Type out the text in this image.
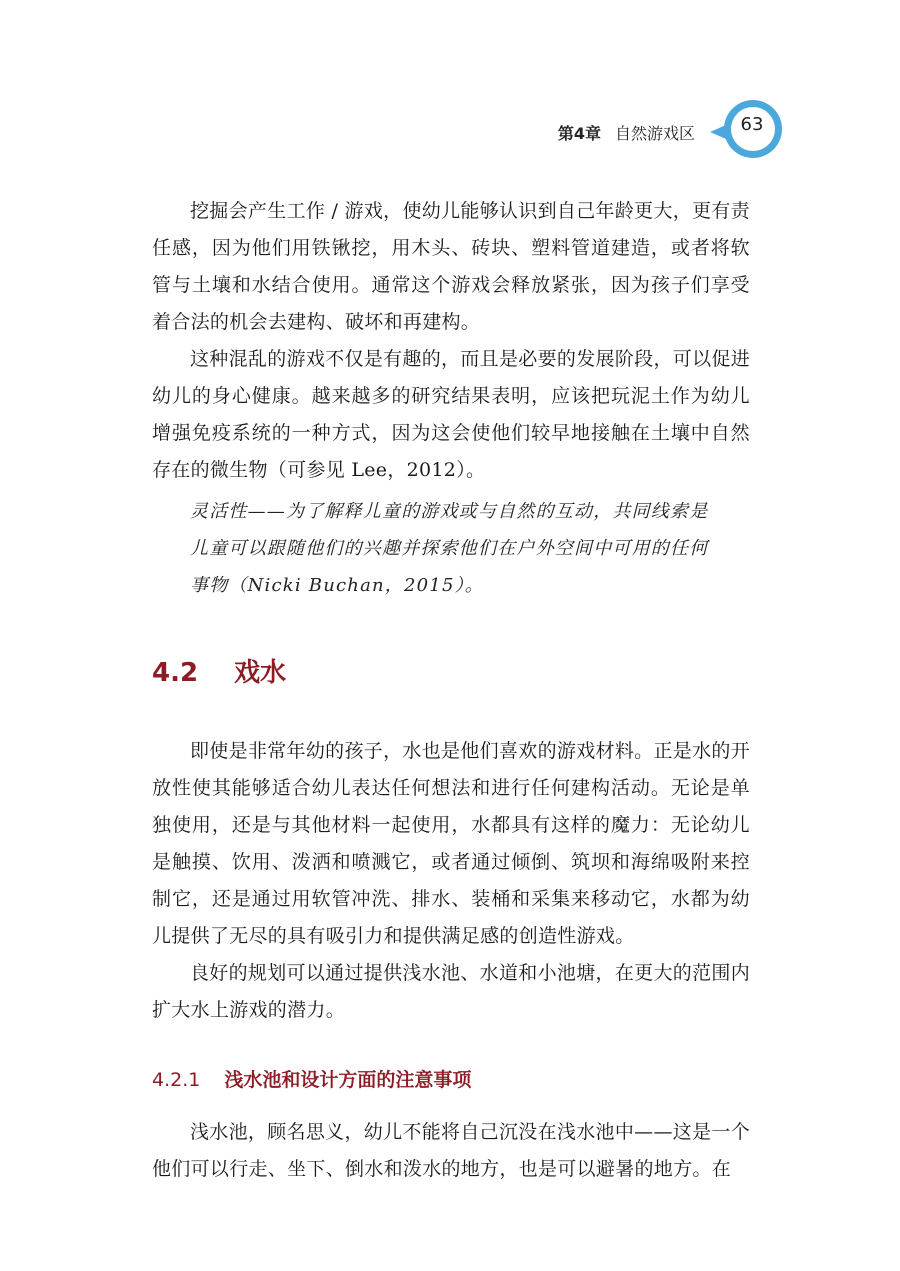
第4章 自然游戏区	63

挖掘会产生工作 / 游戏，使幼儿能够认识到自己年龄更大，更有责任感，因为他们用铁锹挖，用木头、砖块、塑料管道建造，或者将软管与土壤和水结合使用。通常这个游戏会释放紧张，因为孩子们享受着合法的机会去建构、破坏和再建构。

这种混乱的游戏不仅是有趣的，而且是必要的发展阶段，可以促进幼儿的身心健康。越来越多的研究结果表明，应该把玩泥土作为幼儿增强免疫系统的一种方式，因为这会使他们较早地接触在土壤中自然存在的微生物（可参见 Lee，2012）。

灵活性——为了解释儿童的游戏或与自然的互动，共同线索是儿童可以跟随他们的兴趣并探索他们在户外空间中可用的任何事物（Nicki Buchan，2015）。
4.2 戏水

即使是非常年幼的孩子，水也是他们喜欢的游戏材料。正是水的开放性使其能够适合幼儿表达任何想法和进行任何建构活动。无论是单独使用，还是与其他材料一起使用，水都具有这样的魔力：无论幼儿是触摸、饮用、泼洒和喷溅它，或者通过倾倒、筑坝和海绵吸附来控制它，还是通过用软管冲洗、排水、装桶和采集来移动它，水都为幼儿提供了无尽的具有吸引力和提供满足感的创造性游戏。

良好的规划可以通过提供浅水池、水道和小池塘，在更大的范围内扩大水上游戏的潜力。

4.2.1 浅水池和设计方面的注意事项

浅水池，顾名思义，幼儿不能将自己沉没在浅水池中——这是一个他们可以行走、坐下、倒水和泼水的地方，也是可以避暑的地方。在
